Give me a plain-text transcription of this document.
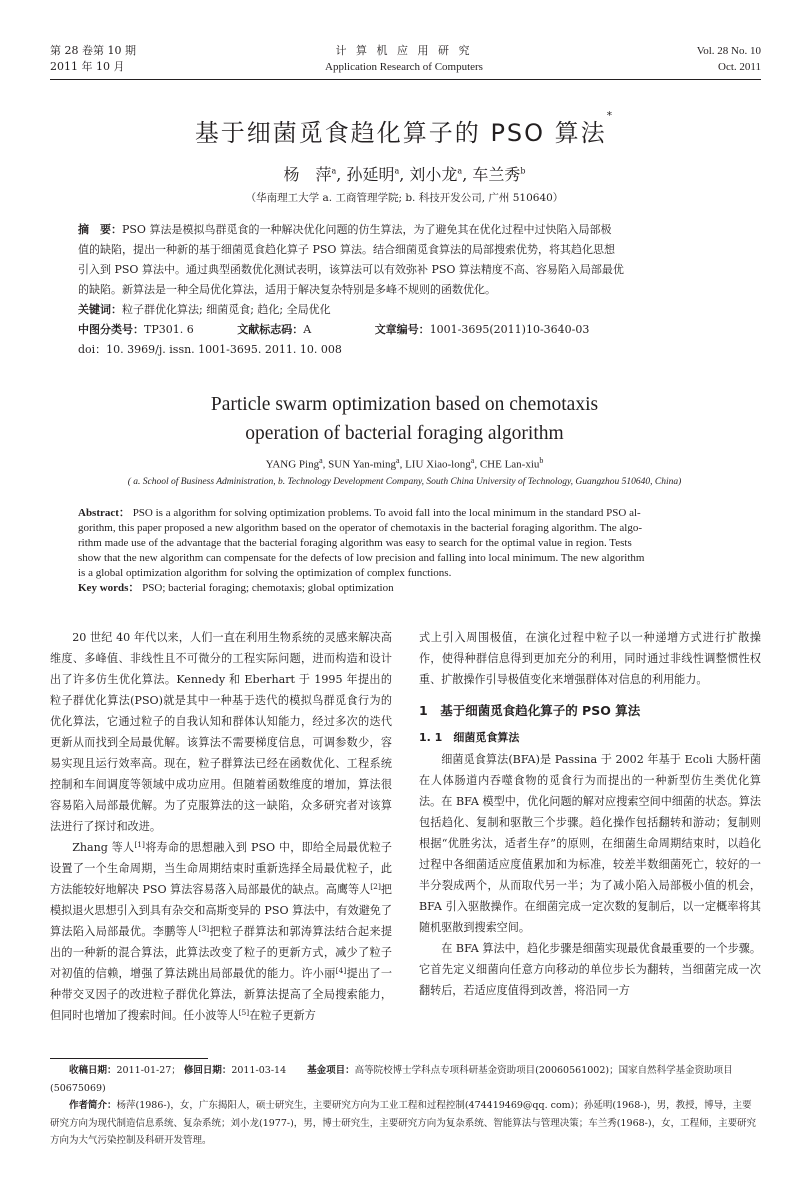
第 28 卷第 10 期
2011 年 10 月
计 算 机 应 用 研 究
Application Research of Computers
Vol. 28 No. 10
Oct. 2011
基于细菌觅食趋化算子的 PSO 算法*
杨　萍$^a$, 孙延明$^a$, 刘小龙$^a$, 车兰秀$^b$
（华南理工大学 a. 工商管理学院; b. 科技开发公司, 广州 510640）
摘　要：PSO 算法是模拟鸟群觅食的一种解决优化问题的仿生算法，为了避免其在优化过程中过快陷入局部极
值的缺陷，提出一种新的基于细菌觅食趋化算子 PSO 算法。结合细菌觅食算法的局部搜索优势，将其趋化思想
引入到 PSO 算法中。通过典型函数优化测试表明，该算法可以有效弥补 PSO 算法精度不高、容易陷入局部最优
的缺陷。新算法是一种全局优化算法，适用于解决复杂特别是多峰不规则的函数优化。
关键词：粒子群优化算法; 细菌觅食; 趋化; 全局优化
中图分类号：TP301. 6	文献标志码：A	文章编号：1001-3695(2011)10-3640-03
doi：10. 3969/j. issn. 1001-3695. 2011. 10. 008
Particle swarm optimization based on chemotaxis
operation of bacterial foraging algorithm
YANG Ping$^a$, SUN Yan-ming$^a$, LIU Xiao-long$^a$, CHE Lan-xiu$^b$
( a. School of Business Administration, b. Technology Development Company, South China University of Technology, Guangzhou 510640, China)
Abstract： PSO is a algorithm for solving optimization problems. To avoid fall into the local minimum in the standard PSO al-
gorithm, this paper proposed a new algorithm based on the operator of chemotaxis in the bacterial foraging algorithm. The algo-
rithm made use of the advantage that the bacterial foraging algorithm was easy to search for the optimal value in region. Tests
show that the new algorithm can compensate for the defects of low precision and falling into local minimum. The new algorithm
is a global optimization algorithm for solving the optimization of complex functions.
Key words： PSO; bacterial foraging; chemotaxis; global optimization

20 世纪 40 年代以来，人们一直在利用生物系统的灵感来解决高维度、多峰值、非线性且不可微分的工程实际问题，进而构造和设计出了许多仿生优化算法。Kennedy 和 Eberhart 于 1995 年提出的粒子群优化算法(PSO)就是其中一种基于迭代的模拟鸟群觅食行为的优化算法，它通过粒子的自我认知和群体认知能力，经过多次的迭代更新从而找到全局最优解。该算法不需要梯度信息，可调参数少，容易实现且运行效率高。现在，粒子群算法已经在函数优化、工程系统控制和车间调度等领域中成功应用。但随着函数维度的增加，算法很容易陷入局部最优解。为了克服算法的这一缺陷，众多研究者对该算法进行了探讨和改进。

Zhang 等人[1]将寿命的思想融入到 PSO 中，即给全局最优粒子设置了一个生命周期，当生命周期结束时重新选择全局最优粒子，此方法能较好地解决 PSO 算法容易落入局部最优的缺点。高鹰等人[2]把模拟退火思想引入到具有杂交和高斯变异的 PSO 算法中，有效避免了算法陷入局部最优。李鹏等人[3]把粒子群算法和郭涛算法结合起来提出的一种新的混合算法，此算法改变了粒子的更新方式，减少了粒子对初值的信赖，增强了算法跳出局部最优的能力。许小丽[4]提出了一种带交叉因子的改进粒子群优化算法，新算法提高了全局搜索能力，但同时也增加了搜索时间。任小波等人[5]在粒子更新方

式上引入周围极值，在演化过程中粒子以一种递增方式进行扩散操作，使得种群信息得到更加充分的利用，同时通过非线性调整惯性权重、扩散操作引导极值变化来增强群体对信息的利用能力。

1　基于细菌觅食趋化算子的 PSO 算法
1. 1　细菌觅食算法

细菌觅食算法(BFA)是 Passina 于 2002 年基于 Ecoli 大肠杆菌在人体肠道内吞噬食物的觅食行为而提出的一种新型仿生类优化算法。在 BFA 模型中，优化问题的解对应搜索空间中细菌的状态。算法包括趋化、复制和驱散三个步骤。趋化操作包括翻转和游动；复制则根据“优胜劣汰，适者生存”的原则，在细菌生命周期结束时，以趋化过程中各细菌适应度值累加和为标准，较差半数细菌死亡，较好的一半分裂成两个，从而取代另一半；为了减小陷入局部极小值的机会，BFA 引入驱散操作。在细菌完成一定次数的复制后，以一定概率将其随机驱散到搜索空间。

在 BFA 算法中，趋化步骤是细菌实现最优食最重要的一个步骤。它首先定义细菌向任意方向移动的单位步长为翻转，当细菌完成一次翻转后，若适应度值得到改善，将沿同一方

收稿日期：2011-01-27； 修回日期：2011-03-14 基金项目：高等院校博士学科点专项科研基金资助项目(20060561002)；国家自然科学基金资助项目(50675069)
作者简介：杨萍(1986-)，女，广东揭阳人，硕士研究生，主要研究方向为工业工程和过程控制(474419469@qq. com)；孙延明(1968-)，男，教授，博导，主要研究方向为现代制造信息系统、复杂系统；刘小龙(1977-)，男，博士研究生，主要研究方向为复杂系统、智能算法与管理决策；车兰秀(1968-)，女，工程师，主要研究方向为大气污染控制及科研开发管理。
